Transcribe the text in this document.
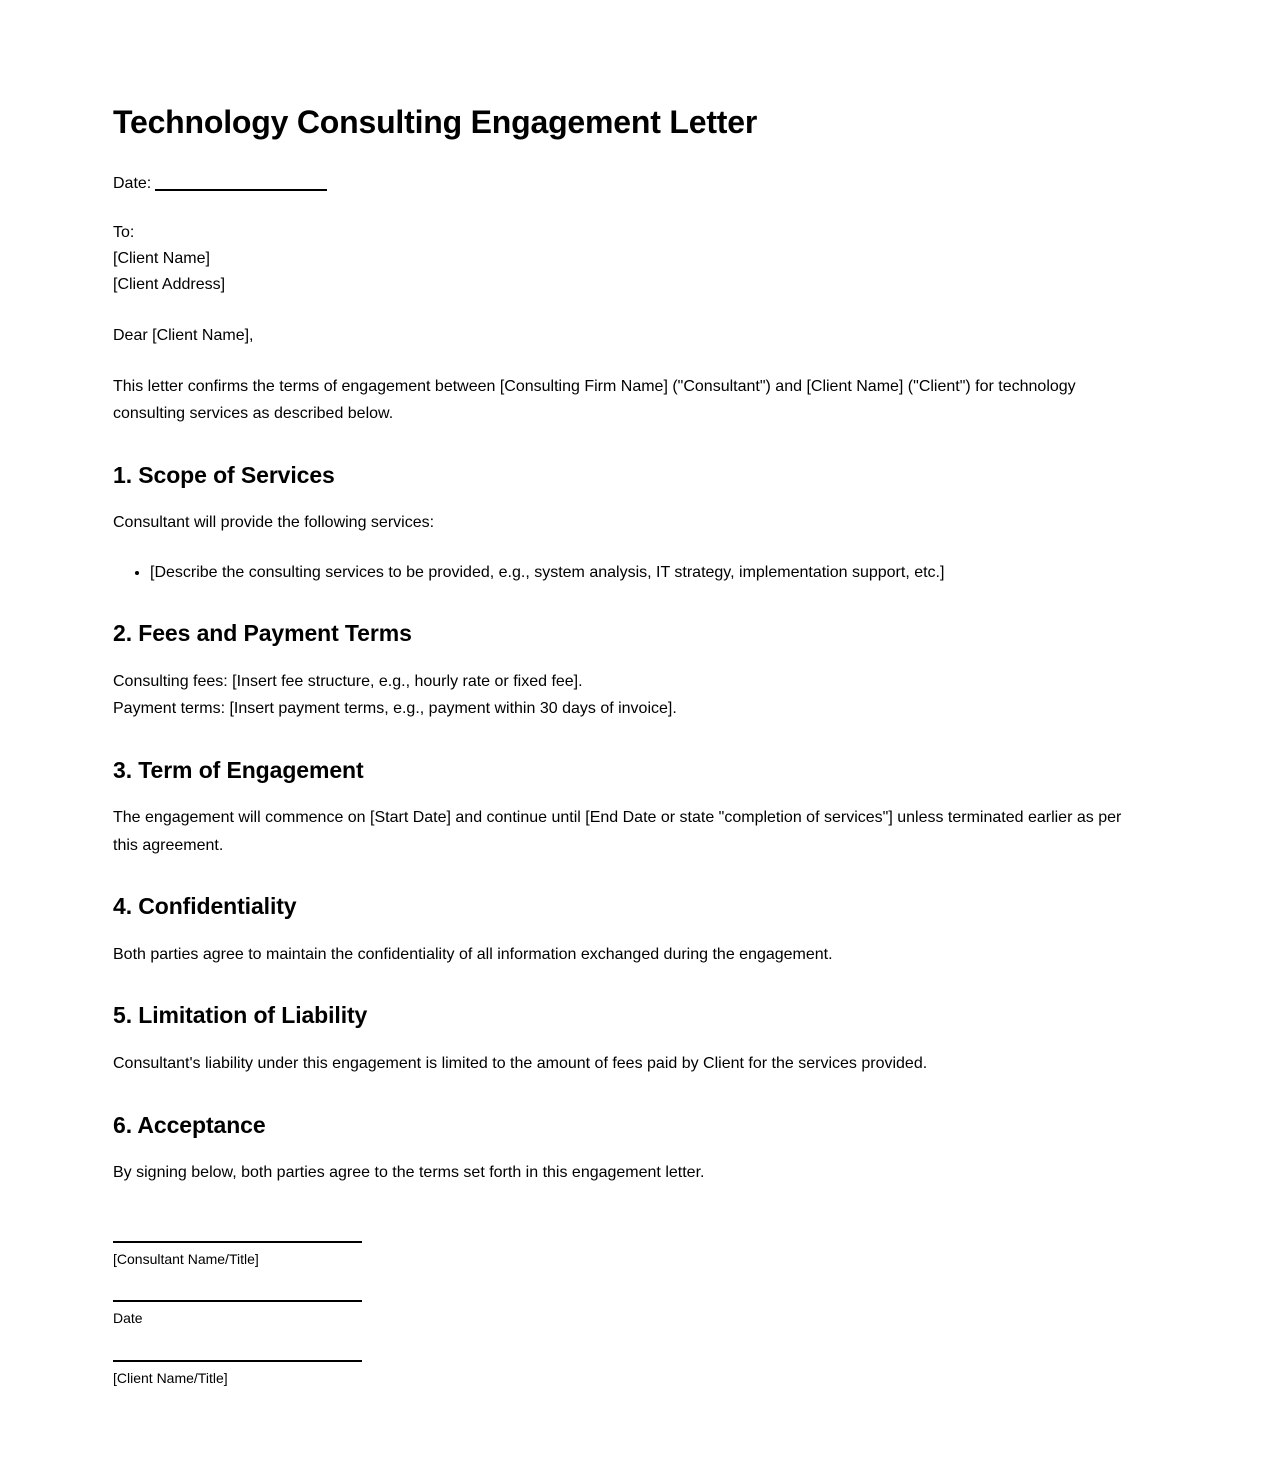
Technology Consulting Engagement Letter
Date:
To:
[Client Name]
[Client Address]
Dear [Client Name],

This letter confirms the terms of engagement between [Consulting Firm Name] ("Consultant") and [Client Name] ("Client") for technology consulting services as described below.

1. Scope of Services

Consultant will provide the following services:

• [Describe the consulting services to be provided, e.g., system analysis, IT strategy, implementation support, etc.]
2. Fees and Payment Terms

Consulting fees: [Insert fee structure, e.g., hourly rate or fixed fee].
Payment terms: [Insert payment terms, e.g., payment within 30 days of invoice].

3. Term of Engagement

The engagement will commence on [Start Date] and continue until [End Date or state "completion of services"] unless terminated earlier as per this agreement.

4. Confidentiality

Both parties agree to maintain the confidentiality of all information exchanged during the engagement.

5. Limitation of Liability

Consultant's liability under this engagement is limited to the amount of fees paid by Client for the services provided.

6. Acceptance

By signing below, both parties agree to the terms set forth in this engagement letter.

[Consultant Name/Title]
Date
[Client Name/Title]
